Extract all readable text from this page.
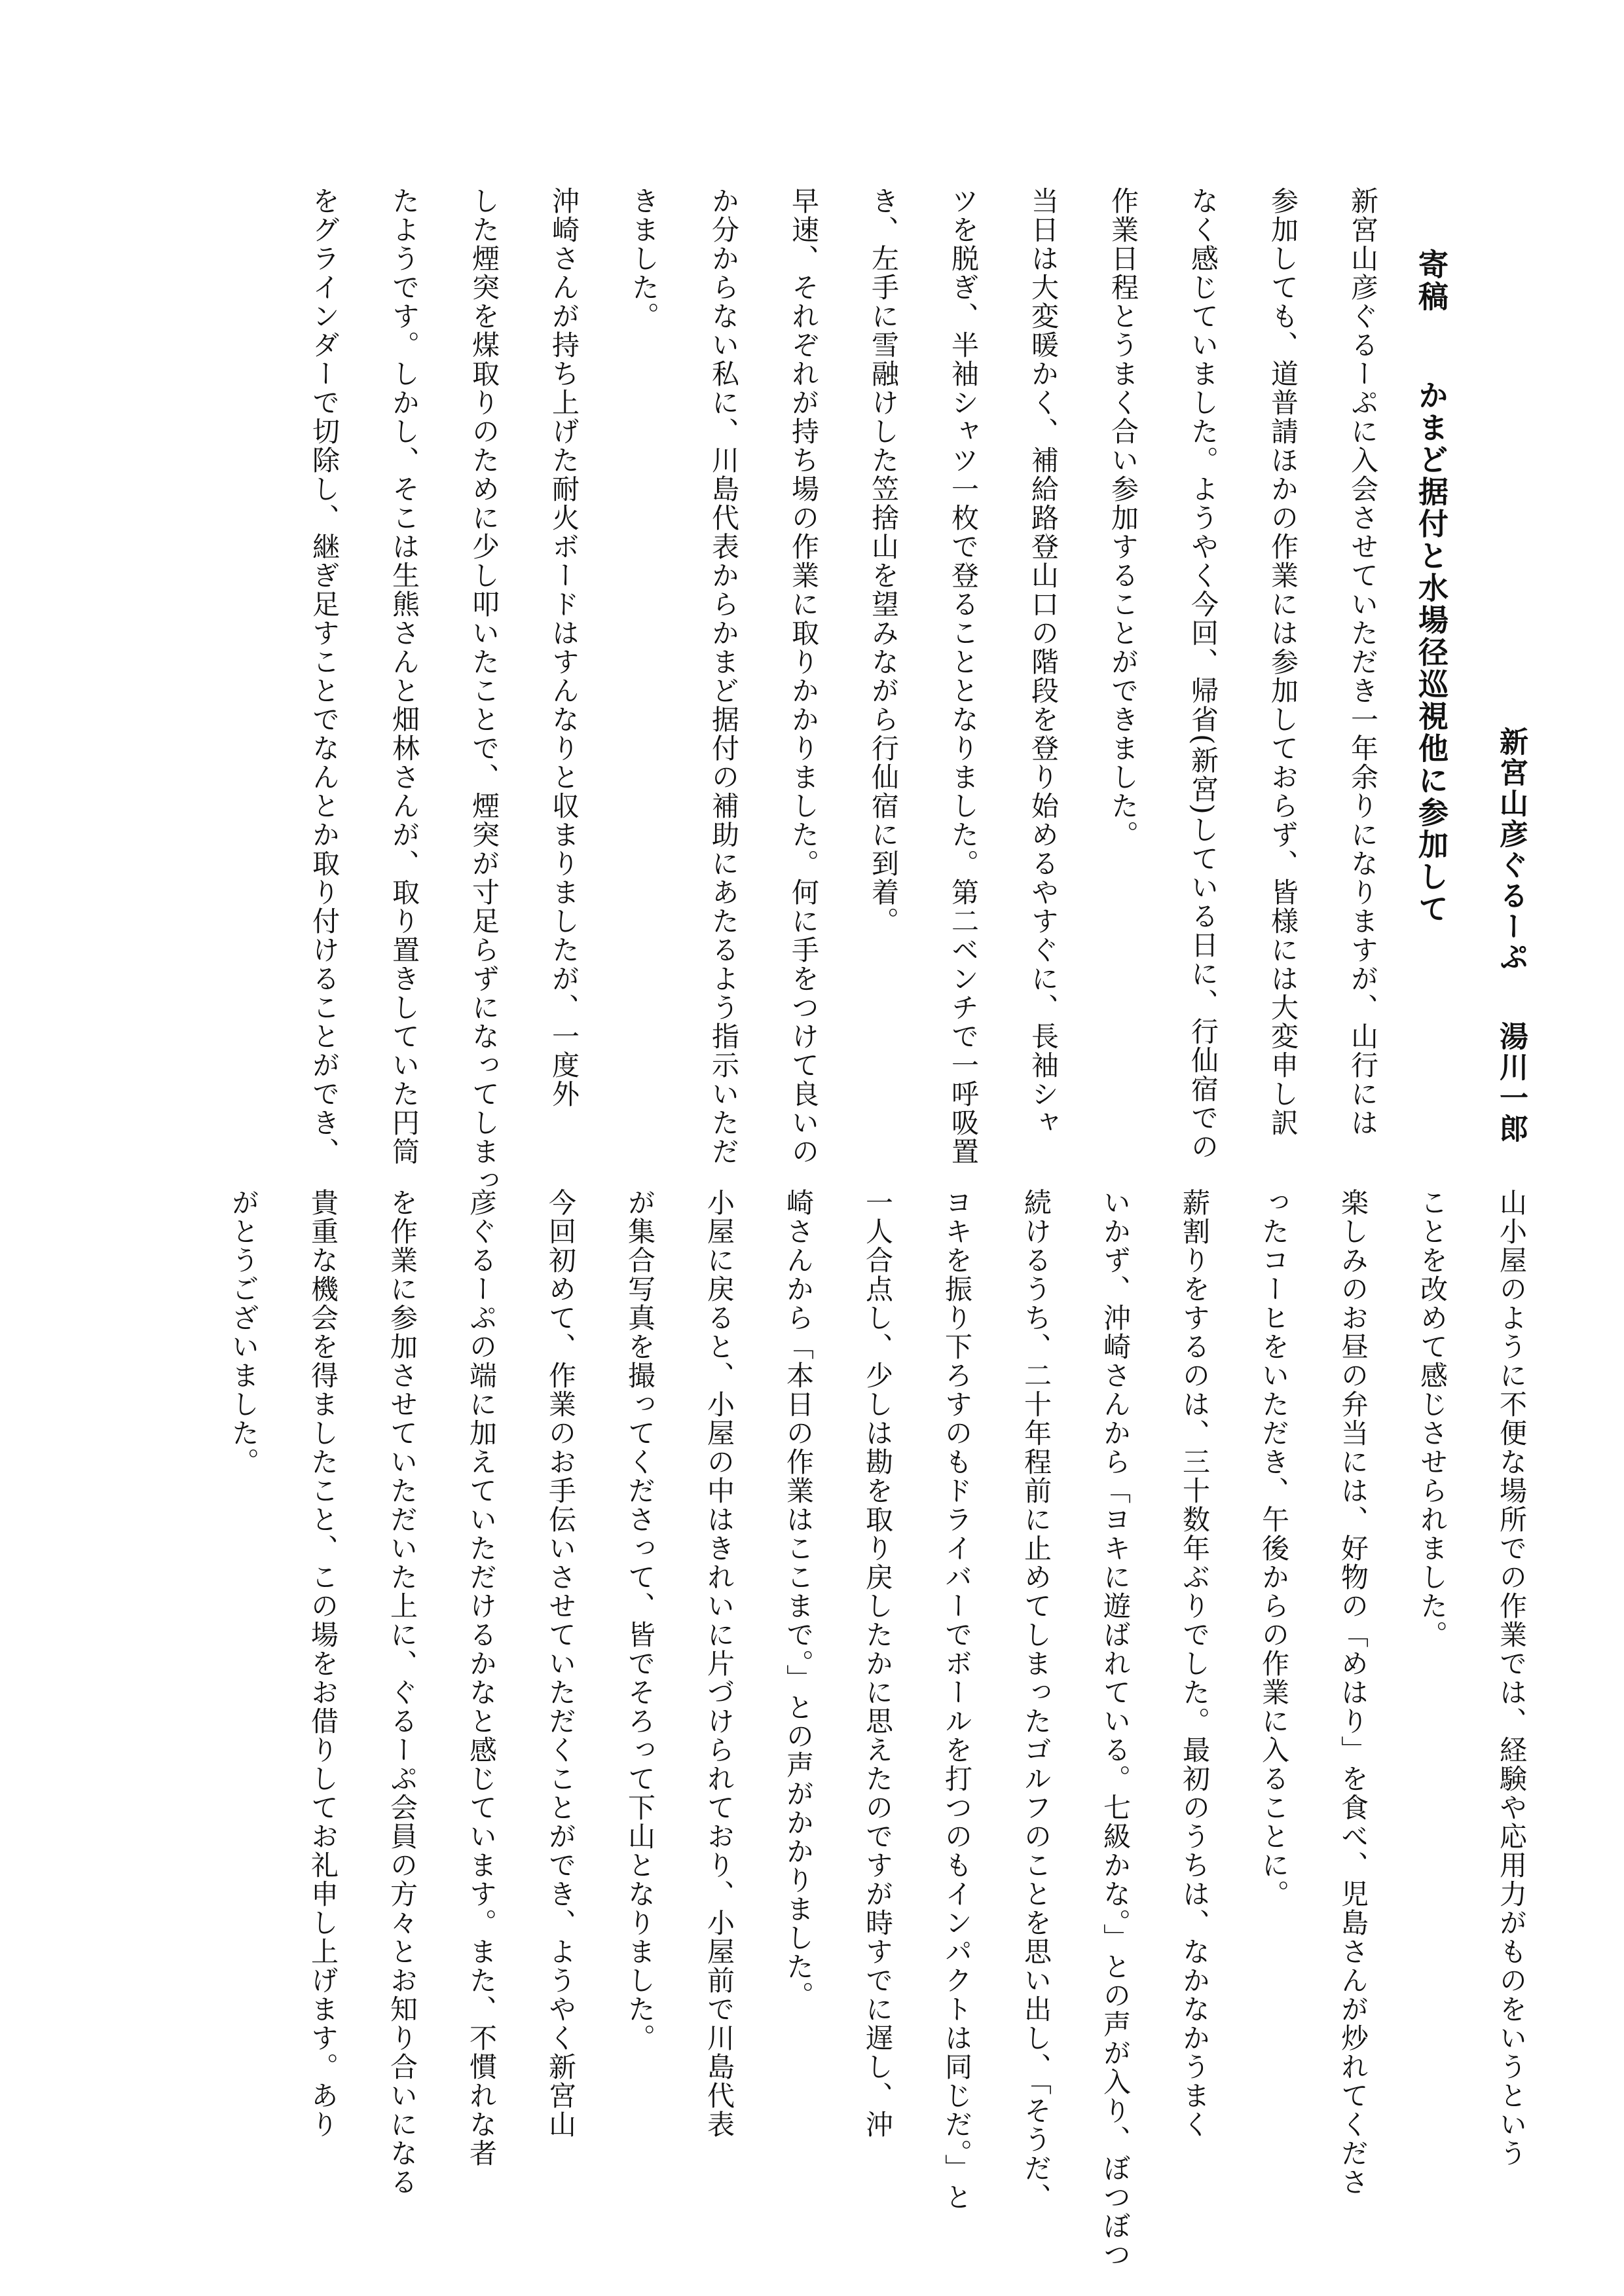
寄稿
かまど据付と水場径巡視他に参加して 新宮山彦ぐるーぷ
湯川一郎
新宮山彦ぐるーぷに入会させていただき一年余りになりますが、山行には
参加しても、道普請ほかの作業には参加しておらず、皆様には大変申し訳
なく感じていました。ようやく今回、帰省(新宮)している日に、行仙宿での
作業日程とうまく合い参加することができました。
当日は大変暖かく、補給路登山口の階段を登り始めるやすぐに、長袖シャ
ツを脱ぎ、半袖シャツ一枚で登ることとなりました。第二ベンチで一呼吸置
き、左手に雪融けした笠捨山を望みながら行仙宿に到着。
早速、それぞれが持ち場の作業に取りかかりました。何に手をつけて良いの
か分からない私に、川島代表からかまど据付の補助にあたるよう指示いただ
きました。
沖崎さんが持ち上げた耐火ボードはすんなりと収まりましたが、一度外
した煙突を煤取りのために少し叩いたことで、煙突が寸足らずになってしまっ
たようです。しかし、そこは生熊さんと畑林さんが、取り置きしていた円筒
をグラインダーで切除し、継ぎ足すことでなんとか取り付けることができ、
山小屋のように不便な場所での作業では、経験や応用力がものをいうという
ことを改めて感じさせられました。
楽しみのお昼の弁当には、好物の「めはり」を食べ、児島さんが炒れてくださ
ったコーヒをいただき、午後からの作業に入ることに。
薪割りをするのは、三十数年ぶりでした。最初のうちは、なかなかうまく
いかず、沖崎さんから「ヨキに遊ばれている。七級かな。」との声が入り、ぼつぼつ
続けるうち、二十年程前に止めてしまったゴルフのことを思い出し、「そうだ、
ヨキを振り下ろすのもドライバーでボールを打つのもインパクトは同じだ。」と
一人合点し、少しは勘を取り戻したかに思えたのですが時すでに遅し、沖
崎さんから「本日の作業はここまで。」との声がかかりました。
小屋に戻ると、小屋の中はきれいに片づけられており、小屋前で川島代表
が集合写真を撮ってくださって、皆でそろって下山となりました。
今回初めて、作業のお手伝いさせていただくことができ、ようやく新宮山
彦ぐるーぷの端に加えていただけるかなと感じています。また、不慣れな者
を作業に参加させていただいた上に、ぐるーぷ会員の方々とお知り合いになる
貴重な機会を得ましたこと、この場をお借りしてお礼申し上げます。あり
がとうございました。
